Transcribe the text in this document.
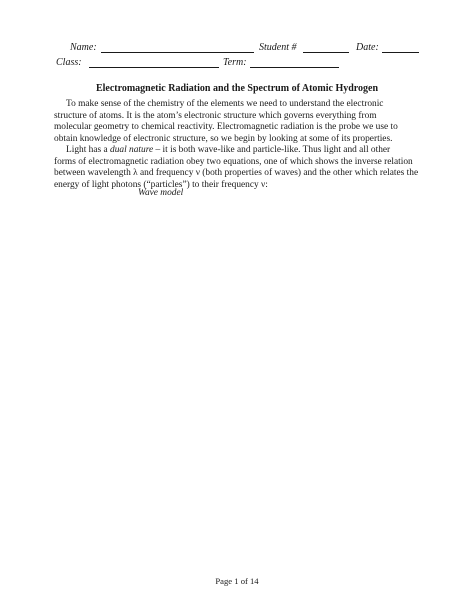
Name:	Student #	Date:
Class:	Term:
Electromagnetic Radiation and the Spectrum of Atomic Hydrogen
To make sense of the chemistry of the elements we need to understand the electronic
structure of atoms. It is the atom’s electronic structure which governs everything from
molecular geometry to chemical reactivity. Electromagnetic radiation is the probe we use to
obtain knowledge of electronic structure, so we begin by looking at some of its properties.
Light has a dual nature – it is both wave-like and particle-like. Thus light and all other
forms of electromagnetic radiation obey two equations, one of which shows the inverse relation
between wavelength λ and frequency ν (both properties of waves) and the other which relates the
energy of light photons (“particles”) to their frequency ν:
Wave model
Page 1 of 14
